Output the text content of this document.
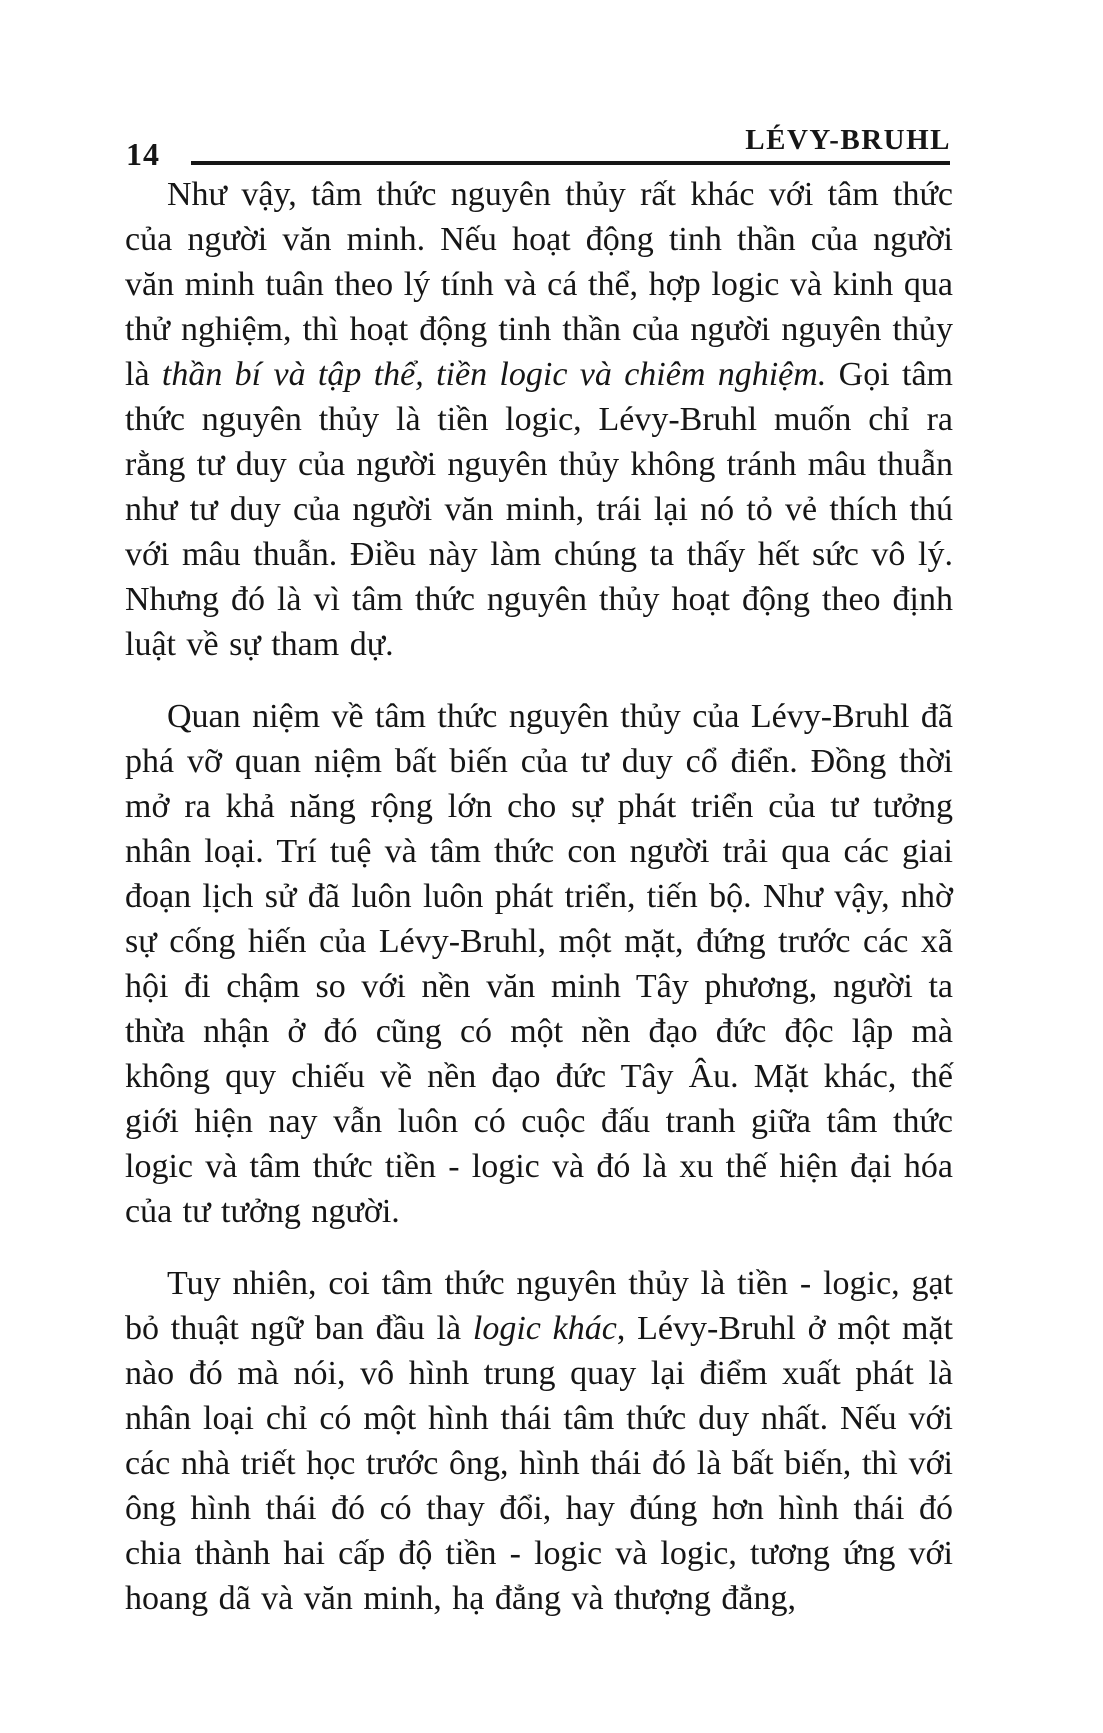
14	LÉVY-BRUHL

Như vậy, tâm thức nguyên thủy rất khác với tâm thức của người văn minh. Nếu hoạt động tinh thần của người văn minh tuân theo lý tính và cá thể, hợp logic và kinh qua thử nghiệm, thì hoạt động tinh thần của người nguyên thủy là thần bí và tập thể, tiền logic và chiêm nghiệm. Gọi tâm thức nguyên thủy là tiền logic, Lévy-Bruhl muốn chỉ ra rằng tư duy của người nguyên thủy không tránh mâu thuẫn như tư duy của người văn minh, trái lại nó tỏ vẻ thích thú với mâu thuẫn. Điều này làm chúng ta thấy hết sức vô lý. Nhưng đó là vì tâm thức nguyên thủy hoạt động theo định luật về sự tham dự.

Quan niệm về tâm thức nguyên thủy của Lévy-Bruhl đã phá vỡ quan niệm bất biến của tư duy cổ điển. Đồng thời mở ra khả năng rộng lớn cho sự phát triển của tư tưởng nhân loại. Trí tuệ và tâm thức con người trải qua các giai đoạn lịch sử đã luôn luôn phát triển, tiến bộ. Như vậy, nhờ sự cống hiến của Lévy-Bruhl, một mặt, đứng trước các xã hội đi chậm so với nền văn minh Tây phương, người ta thừa nhận ở đó cũng có một nền đạo đức độc lập mà không quy chiếu về nền đạo đức Tây Âu. Mặt khác, thế giới hiện nay vẫn luôn có cuộc đấu tranh giữa tâm thức logic và tâm thức tiền - logic và đó là xu thế hiện đại hóa của tư tưởng người.

Tuy nhiên, coi tâm thức nguyên thủy là tiền - logic, gạt bỏ thuật ngữ ban đầu là logic khác, Lévy-Bruhl ở một mặt nào đó mà nói, vô hình trung quay lại điểm xuất phát là nhân loại chỉ có một hình thái tâm thức duy nhất. Nếu với các nhà triết học trước ông, hình thái đó là bất biến, thì với ông hình thái đó có thay đổi, hay đúng hơn hình thái đó chia thành hai cấp độ tiền - logic và logic, tương ứng với hoang dã và văn minh, hạ đẳng và thượng đẳng,
